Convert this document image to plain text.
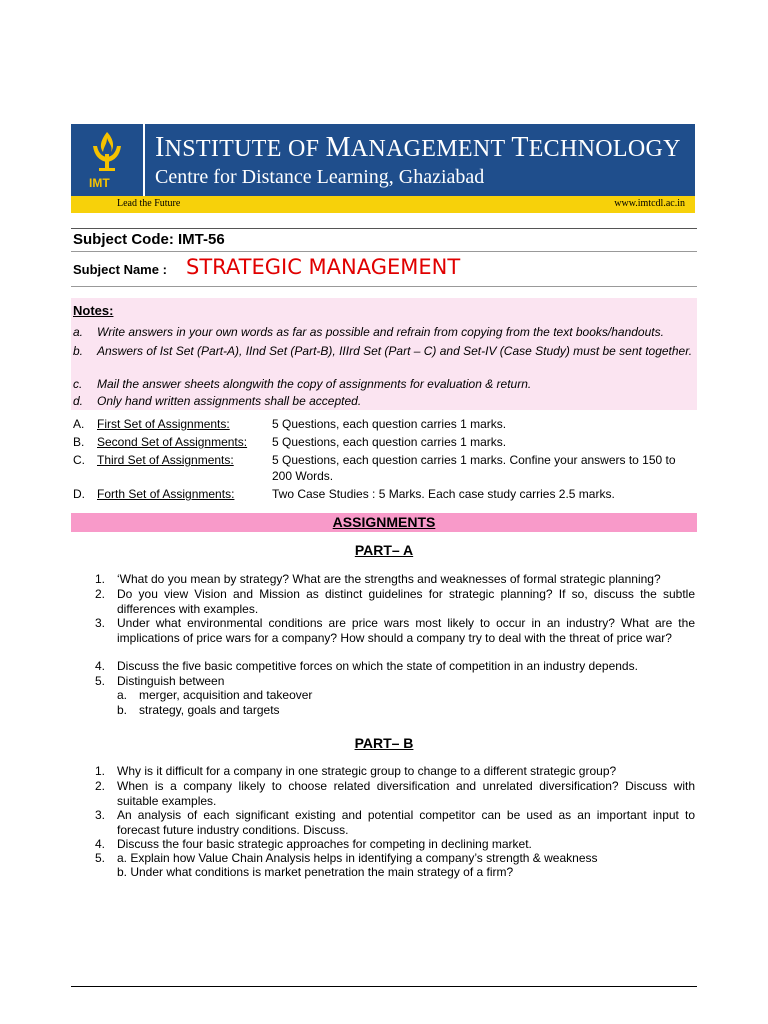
IMT
INSTITUTE OF MANAGEMENT TECHNOLOGY
Centre for Distance Learning, Ghaziabad
Lead the Future	www.imtcdl.ac.in
Subject Code: IMT-56
Subject Name : STRATEGIC MANAGEMENT
Notes:
a. Write answers in your own words as far as possible and refrain from copying from the text books/handouts.
b. Answers of Ist Set (Part-A), IInd Set (Part-B), IIIrd Set (Part – C) and Set-IV (Case Study) must be sent together.
c. Mail the answer sheets alongwith the copy of assignments for evaluation & return.
d. Only hand written assignments shall be accepted.
A. First Set of Assignments:	5 Questions, each question carries 1 marks.
B. Second Set of Assignments: 5 Questions, each question carries 1 marks.
C. Third Set of Assignments:	5 Questions, each question carries 1 marks. Confine your answers to 150 to 200 Words.
D. Forth Set of Assignments:	Two Case Studies : 5 Marks. Each case study carries 2.5 marks.
ASSIGNMENTS
PART– A
1. ‘What do you mean by strategy? What are the strengths and weaknesses of formal strategic planning?
2. Do you view Vision and Mission as distinct guidelines for strategic planning? If so, discuss the subtle differences with examples.
3. Under what environmental conditions are price wars most likely to occur in an industry? What are the implications of price wars for a company? How should a company try to deal with the threat of price war?
4. Discuss the five basic competitive forces on which the state of competition in an industry depends.
5. Distinguish between
a. merger, acquisition and takeover
b. strategy, goals and targets
PART– B
1. Why is it difficult for a company in one strategic group to change to a different strategic group?
2. When is a company likely to choose related diversification and unrelated diversification? Discuss with suitable examples.
3. An analysis of each significant existing and potential competitor can be used as an important input to forecast future industry conditions. Discuss.
4. Discuss the four basic strategic approaches for competing in declining market.
5. a. Explain how Value Chain Analysis helps in identifying a company’s strength & weakness
b. Under what conditions is market penetration the main strategy of a firm?
